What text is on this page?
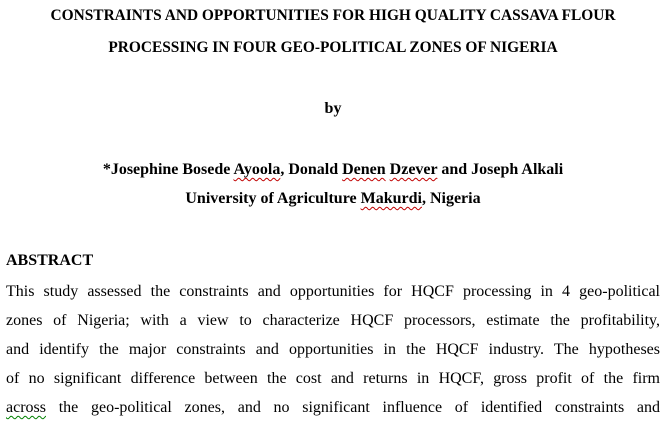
CONSTRAINTS AND OPPORTUNITIES FOR HIGH QUALITY CASSAVA FLOUR
PROCESSING IN FOUR GEO-POLITICAL ZONES OF NIGERIA
by
*Josephine Bosede Ayoola, Donald Denen Dzever and Joseph Alkali
University of Agriculture Makurdi, Nigeria
ABSTRACT
This study assessed the constraints and opportunities for HQCF processing in 4 geo-political
zones of Nigeria; with a view to characterize HQCF processors, estimate the profitability,
and identify the major constraints and opportunities in the HQCF industry. The hypotheses
of no significant difference between the cost and returns in HQCF, gross profit of the firm
across the geo-political zones, and no significant influence of identified constraints and
